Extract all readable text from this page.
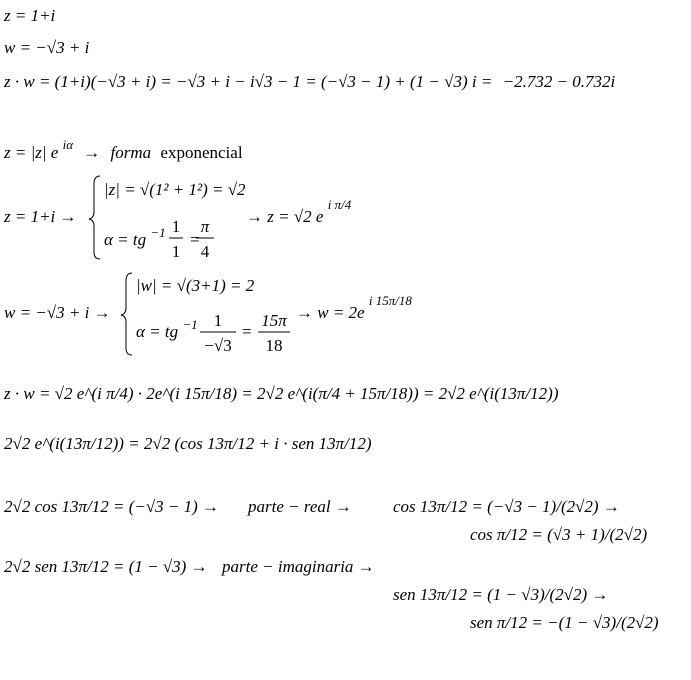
z = 1+i
w = −√3 + i
z · w = (1+i)(−√3 + i) = −√3 + i − i√3 − 1 = (−√3 − 1) + (1 − √3) i = −2.732 − 0.732i
z = |z| e $^{i\alpha}$ → forma exponencial
z = 1+i →
|z| = √(1² + 1²) = √2
α = tg $^{-1}$ 1
1
=
π
4
→ z = √2 e $^{i \pi/4}$
w = −√3 + i →
|w| = √(3+1) = 2
α = tg $^{-1}$ 1
−√3
=
15π
18
→ w = 2e $^{i 15\pi/18}$
z · w = √2 e^(i π/4) · 2e^(i 15π/18) = 2√2 e^(i(π/4 + 15π/18)) = 2√2 e^(i(13π/12))
2√2 e^(i(13π/12)) = 2√2 (cos 13π/12 + i · sen 13π/12)
2√2 cos 13π/12 = (−√3 − 1) → parte − real → cos 13π/12 = (−√3 − 1)/(2√2) →
cos π/12 = (√3 + 1)/(2√2)
2√2 sen 13π/12 = (1 − √3) → parte − imaginaria →
sen 13π/12 = (1 − √3)/(2√2) →
sen π/12 = −(1 − √3)/(2√2)
